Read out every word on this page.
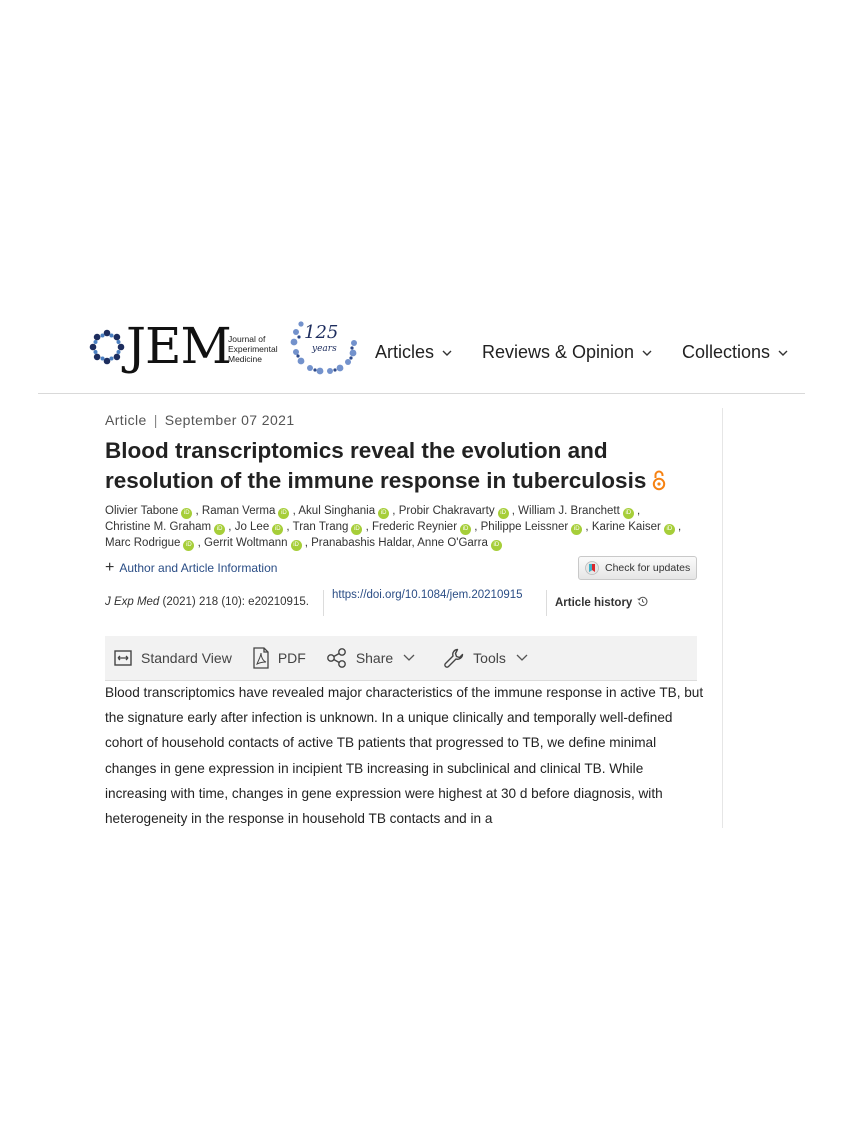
JEM
Journal of
Experimental
Medicine
125
years Articles	Reviews & Opinion	Collections
Article | September 07 2021
Blood transcriptomics reveal the evolution and resolution of the immune response in tuberculosis
Olivier Tabone iD , Raman Verma iD , Akul Singhania iD , Probir Chakravarty iD , William J. Branchett iD , Christine M. Graham iD , Jo Lee iD , Tran Trang iD , Frederic Reynier iD , Philippe Leissner iD , Karine Kaiser iD , Marc Rodrigue iD , Gerrit Woltmann iD , Pranabashis Haldar, Anne O'Garra iD
+ Author and Article Information	Check for updates
J Exp Med (2021) 218 (10): e20210915.
https://doi.org/10.1084/jem.20210915
Article history
Standard View	PDF	Share	Tools

Blood transcriptomics have revealed major characteristics of the immune response in active TB, but the signature early after infection is unknown. In a unique clinically and temporally well-defined cohort of household contacts of active TB patients that progressed to TB, we define minimal changes in gene expression in incipient TB increasing in subclinical and clinical TB. While increasing with time, changes in gene expression were highest at 30 d before diagnosis, with heterogeneity in the response in household TB contacts and in a
